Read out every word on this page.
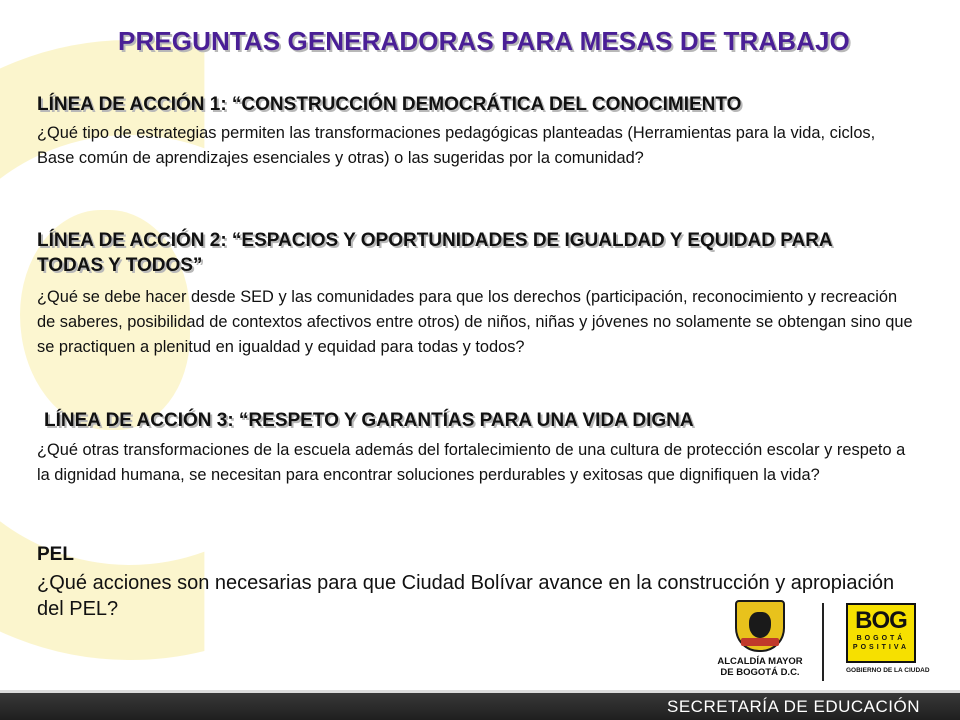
PREGUNTAS GENERADORAS PARA MESAS DE TRABAJO
LÍNEA DE ACCIÓN 1: “CONSTRUCCIÓN DEMOCRÁTICA DEL CONOCIMIENTO
¿Qué tipo de estrategias permiten las transformaciones pedagógicas planteadas (Herramientas para la vida, ciclos, Base común de aprendizajes esenciales y otras) o las sugeridas por la comunidad?
LÍNEA DE ACCIÓN 2: “ESPACIOS Y OPORTUNIDADES DE IGUALDAD Y EQUIDAD PARA TODAS Y TODOS”
¿Qué se debe hacer desde SED y las comunidades para que los derechos (participación, reconocimiento y recreación de saberes, posibilidad de contextos afectivos entre otros) de niños, niñas y jóvenes no solamente se obtengan sino que se practiquen a plenitud en igualdad y equidad para todas y todos?
LÍNEA DE ACCIÓN 3: “RESPETO Y GARANTÍAS PARA UNA VIDA DIGNA
¿Qué otras transformaciones de la escuela además del fortalecimiento de una cultura de protección escolar y respeto a la dignidad humana, se necesitan para encontrar soluciones perdurables y exitosas que dignifiquen la vida?
PEL
¿Qué acciones son necesarias para que Ciudad Bolívar avance en la construcción y apropiación del PEL?
ALCALDÍA MAYOR
DE BOGOTÁ D.C.
BOG
BOGOTÁ
POSITIVA
GOBIERNO DE LA CIUDAD
SECRETARÍA DE EDUCACIÓN
